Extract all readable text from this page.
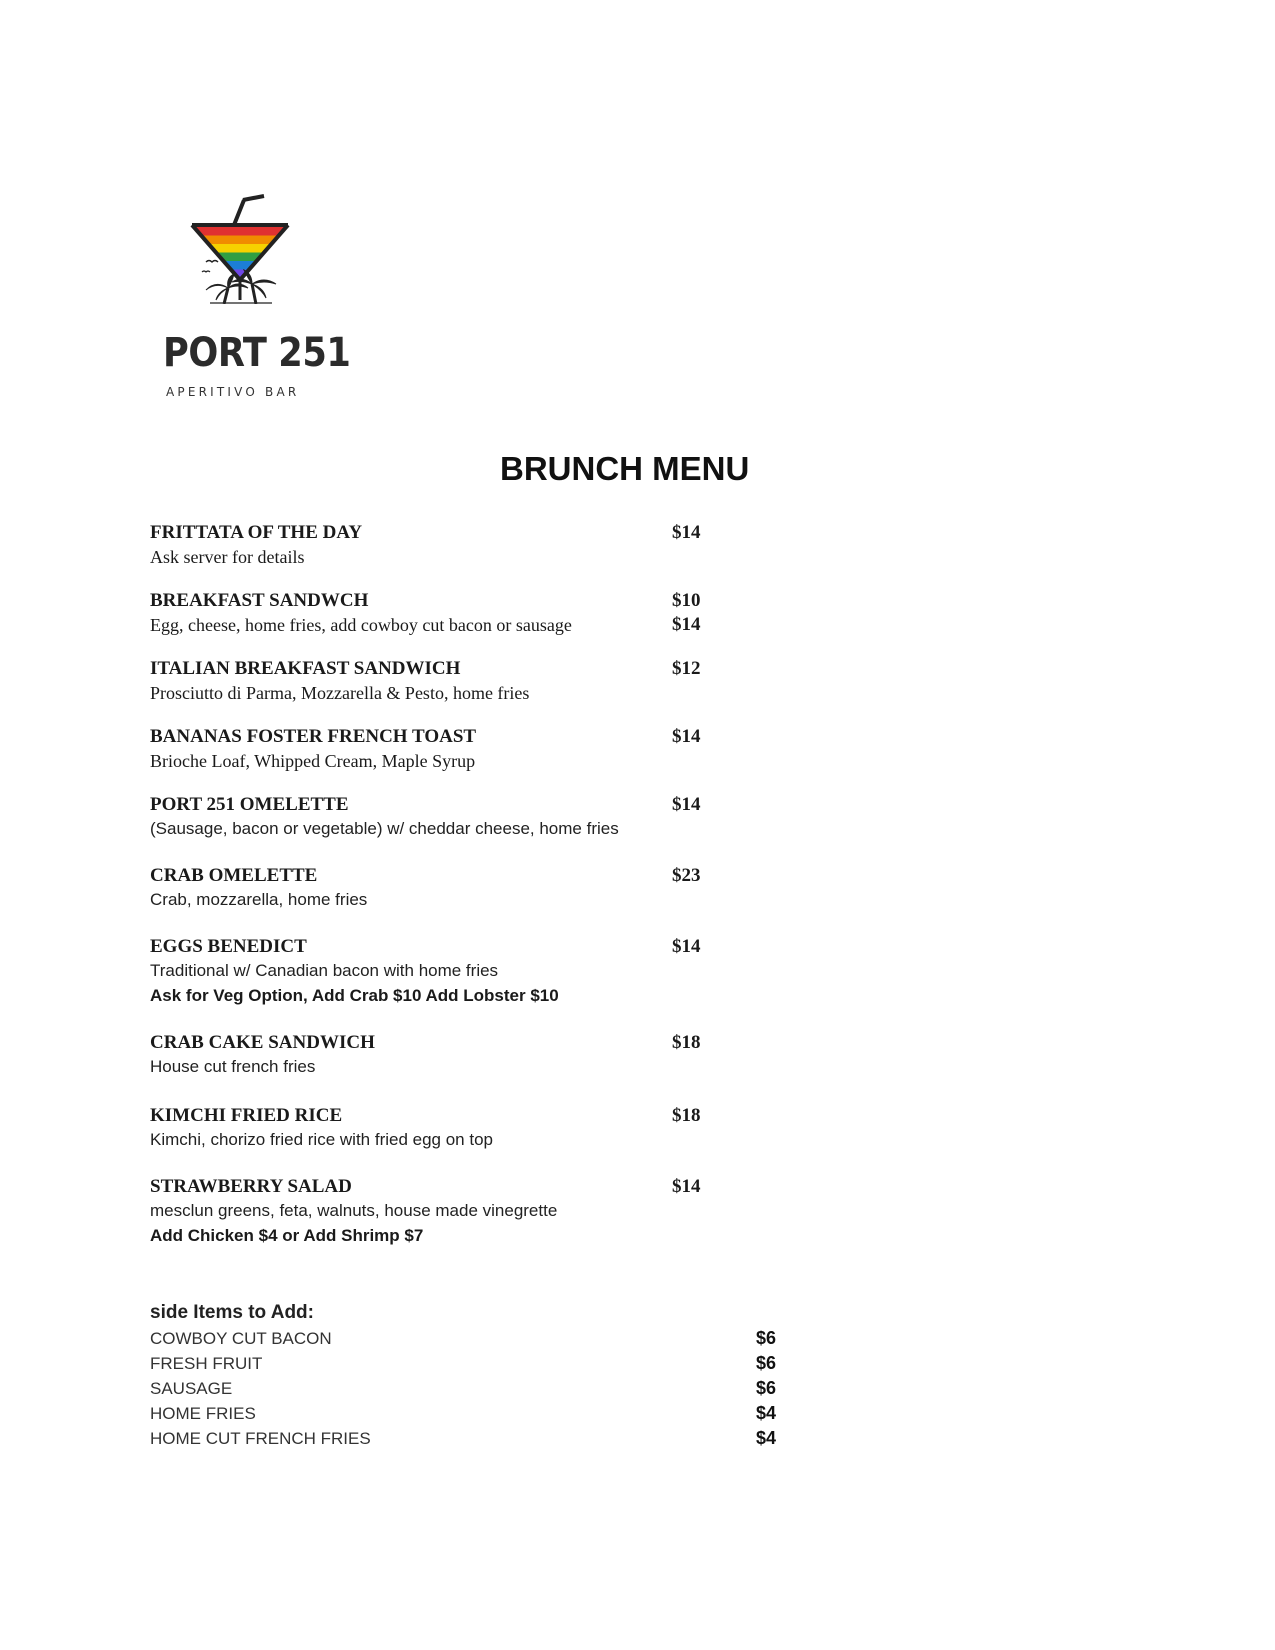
PORT 251
APERITIVO BAR
BRUNCH MENU
FRITTATA OF THE DAY	$14
Ask server for details
BREAKFAST SANDWCH	$10
Egg, cheese, home fries, add cowboy cut bacon or sausage	$14
ITALIAN BREAKFAST SANDWICH	$12
Prosciutto di Parma, Mozzarella & Pesto, home fries
BANANAS FOSTER FRENCH TOAST	$14
Brioche Loaf, Whipped Cream, Maple Syrup
PORT 251 OMELETTE	$14
(Sausage, bacon or vegetable) w/ cheddar cheese, home fries
CRAB OMELETTE	$23
Crab, mozzarella, home fries
EGGS BENEDICT	$14
Traditional w/ Canadian bacon with home fries
Ask for Veg Option, Add Crab $10 Add Lobster $10
CRAB CAKE SANDWICH	$18
House cut french fries
KIMCHI FRIED RICE	$18
Kimchi, chorizo fried rice with fried egg on top
STRAWBERRY SALAD	$14
mesclun greens, feta, walnuts, house made vinegrette
Add Chicken $4 or Add Shrimp $7
side Items to Add:
COWBOY CUT BACON	$6
FRESH FRUIT	$6
SAUSAGE	$6
HOME FRIES	$4
HOME CUT FRENCH FRIES	$4
